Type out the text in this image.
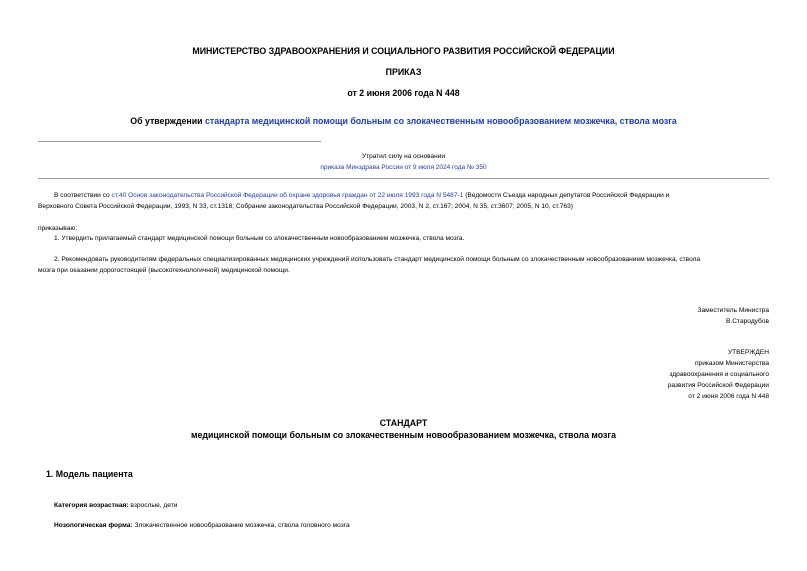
МИНИСТЕРСТВО ЗДРАВООХРАНЕНИЯ И СОЦИАЛЬНОГО РАЗВИТИЯ РОССИЙСКОЙ ФЕДЕРАЦИИ
ПРИКАЗ
от 2 июня 2006 года N 448
Об утверждении стандарта медицинской помощи больным со злокачественным новообразованием мозжечка, ствола мозга
Утратил силу на основании
приказа Минздрава России от 9 июля 2024 года № 350
В соответствии со ст.40 Основ законодательства Российской Федерации об охране здоровья граждан от 22 июля 1993 года N 5487-1 (Ведомости Съезда народных депутатов Российской Федерации и
Верховного Совета Российской Федерации, 1993, N 33, ст.1318; Собрание законодательства Российской Федерации, 2003, N 2, ст.167; 2004, N 35, ст.3607; 2005, N 10, ст.763)
приказываю:
1. Утвердить прилагаемый стандарт медицинской помощи больным со злокачественным новообразованием мозжечка, ствола мозга.
2. Рекомендовать руководителям федеральных специализированных медицинских учреждений использовать стандарт медицинской помощи больным со злокачественным новообразованием мозжечка, ствола
мозга при оказании дорогостоящей (высокотехнологичной) медицинской помощи.
Заместитель Министра
В.Стародубов
УТВЕРЖДЕН
приказом Министерства
здравоохранения и социального
развития Российской Федерации
от 2 июня 2006 года N 448
СТАНДАРТ
медицинской помощи больным со злокачественным новообразованием мозжечка, ствола мозга
1. Модель пациента
Категория возрастная: взрослые, дети
Нозологическая форма: Злокачественное новообразование мозжечка, ствола головного мозга
